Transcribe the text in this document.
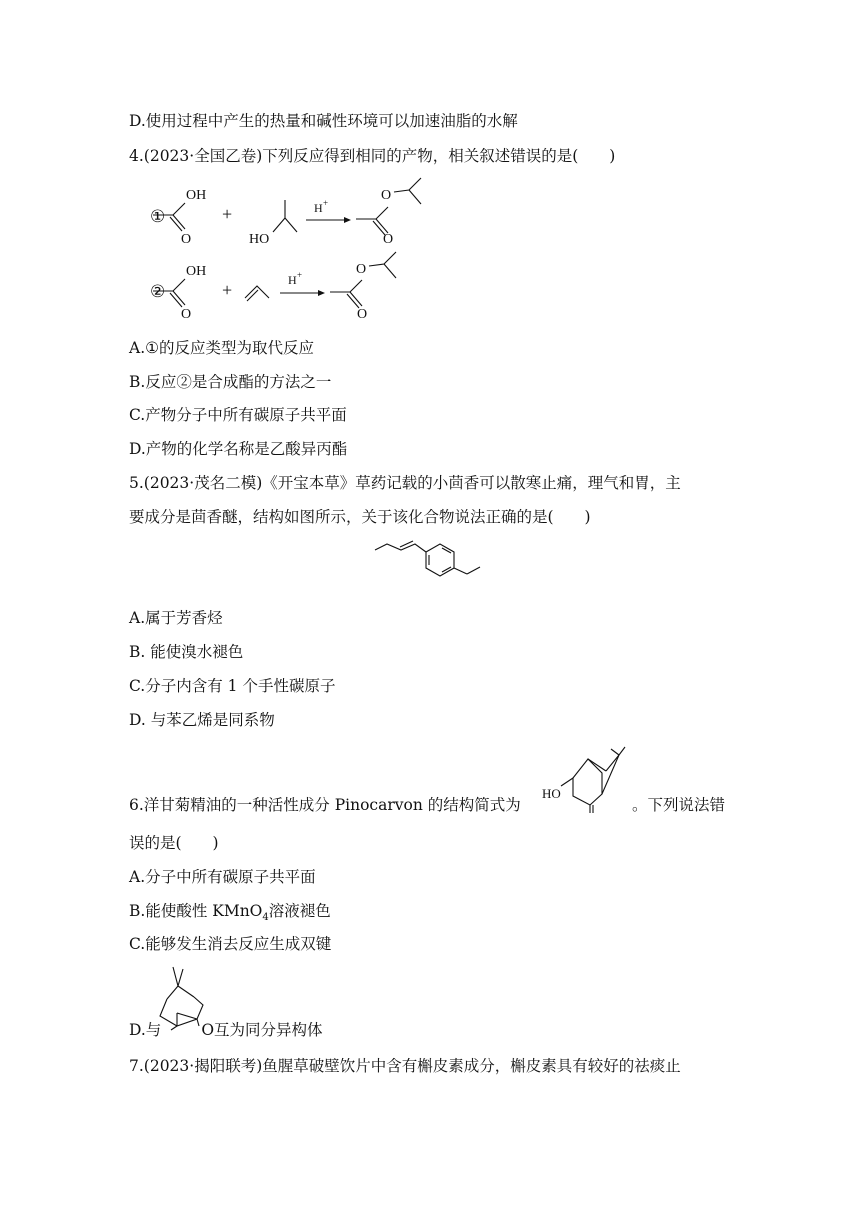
D.使用过程中产生的热量和碱性环境可以加速油脂的水解
4.(2023·全国乙卷)下列反应得到相同的产物，相关叙述错误的是(　　)
①
OH
O
+
HO
H +	O
O
②
OH
O
+	H +	O
O
A.①的反应类型为取代反应
B.反应②是合成酯的方法之一
C.产物分子中所有碳原子共平面
D.产物的化学名称是乙酸异丙酯
5.(2023·茂名二模)《开宝本草》草药记载的小茴香可以散寒止痛，理气和胃，主
要成分是茴香醚，结构如图所示，关于该化合物说法正确的是(　　)
A.属于芳香烃
B. 能使溴水褪色
C.分子内含有 1 个手性碳原子
D. 与苯乙烯是同系物
6.洋甘菊精油的一种活性成分 Pinocarvon 的结构简式为
HO
。下列说法错
误的是(　　)
A.分子中所有碳原子共平面
B.能使酸性 KMnO$_4$溶液褪色
C.能够发生消去反应生成双键
D.与	O互为同分异构体
7.(2023·揭阳联考)鱼腥草破壁饮片中含有槲皮素成分，槲皮素具有较好的祛痰止
